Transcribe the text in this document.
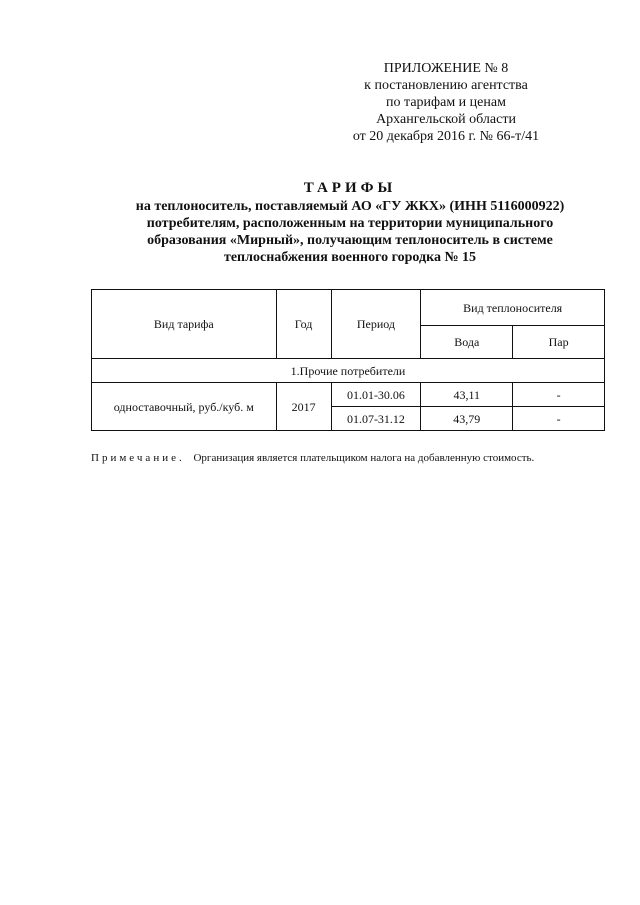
ПРИЛОЖЕНИЕ № 8
к постановлению агентства
по тарифам и ценам
Архангельской области
от 20 декабря 2016 г. № 66-т/41
ТАРИФЫ
на теплоноситель, поставляемый АО «ГУ ЖКХ» (ИНН 5116000922)
потребителям, расположенным на территории муниципального
образования «Мирный», получающим теплоноситель в системе
теплоснабжения военного городка № 15
Вид тарифа	Год	Период	Вид теплоносителя	
			Вода	Пар
1.Прочие потребители				
одноставочный, руб./куб. м	2017	01.01-30.06	43,11	-
		01.07-31.12	43,79	-
Примечание. Организация является плательщиком налога на добавленную стоимость.
